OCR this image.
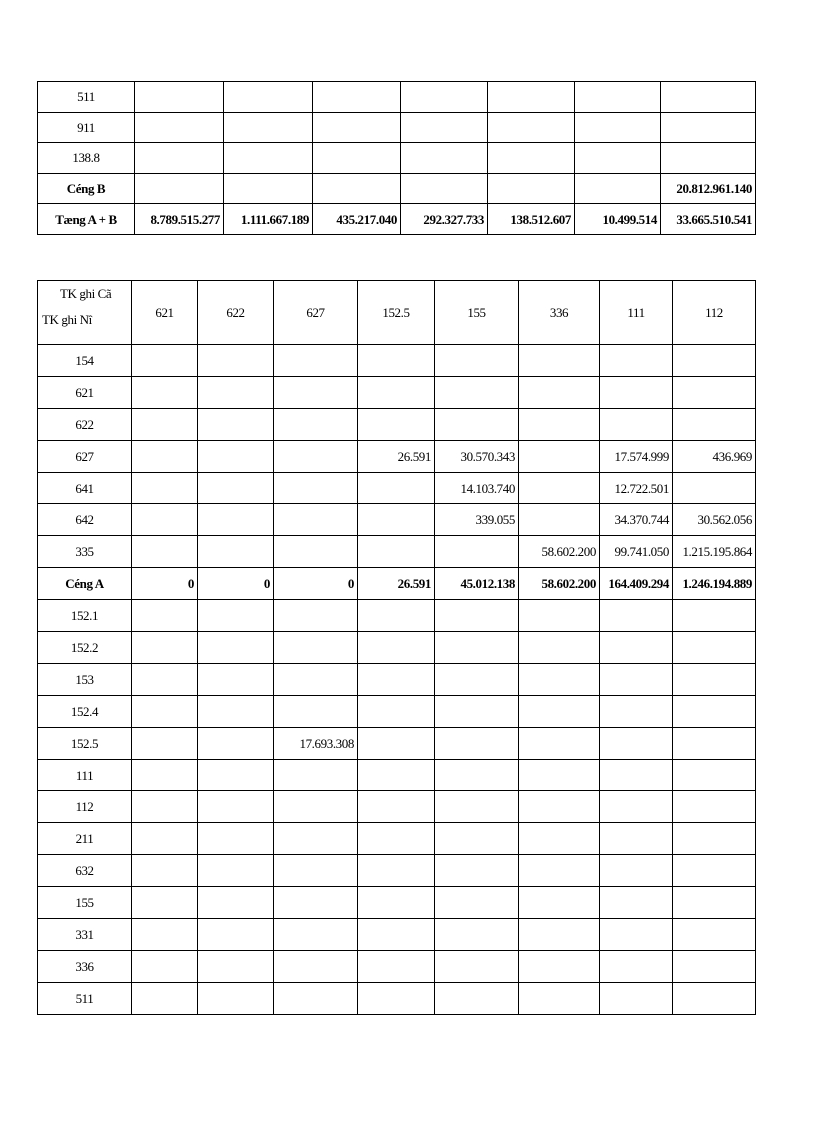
511							
911							
138.8							
Céng B							20.812.961.140
Tæng A + B	8.789.515.277	1.111.667.189	435.217.040	292.327.733	138.512.607	10.499.514	33.665.510.541
TK ghi Cã
TK ghi Nî	621	622	627	152.5	155	336	111	112
154								
621								
622								
627				26.591	30.570.343		17.574.999	436.969
641					14.103.740		12.722.501	
642					339.055		34.370.744	30.562.056
335						58.602.200	99.741.050	1.215.195.864
Céng A	0	0	0	26.591	45.012.138	58.602.200	164.409.294	1.246.194.889
152.1								
152.2								
153								
152.4								
152.5			17.693.308					
111								
112								
211								
632								
155								
331								
336								
511								
